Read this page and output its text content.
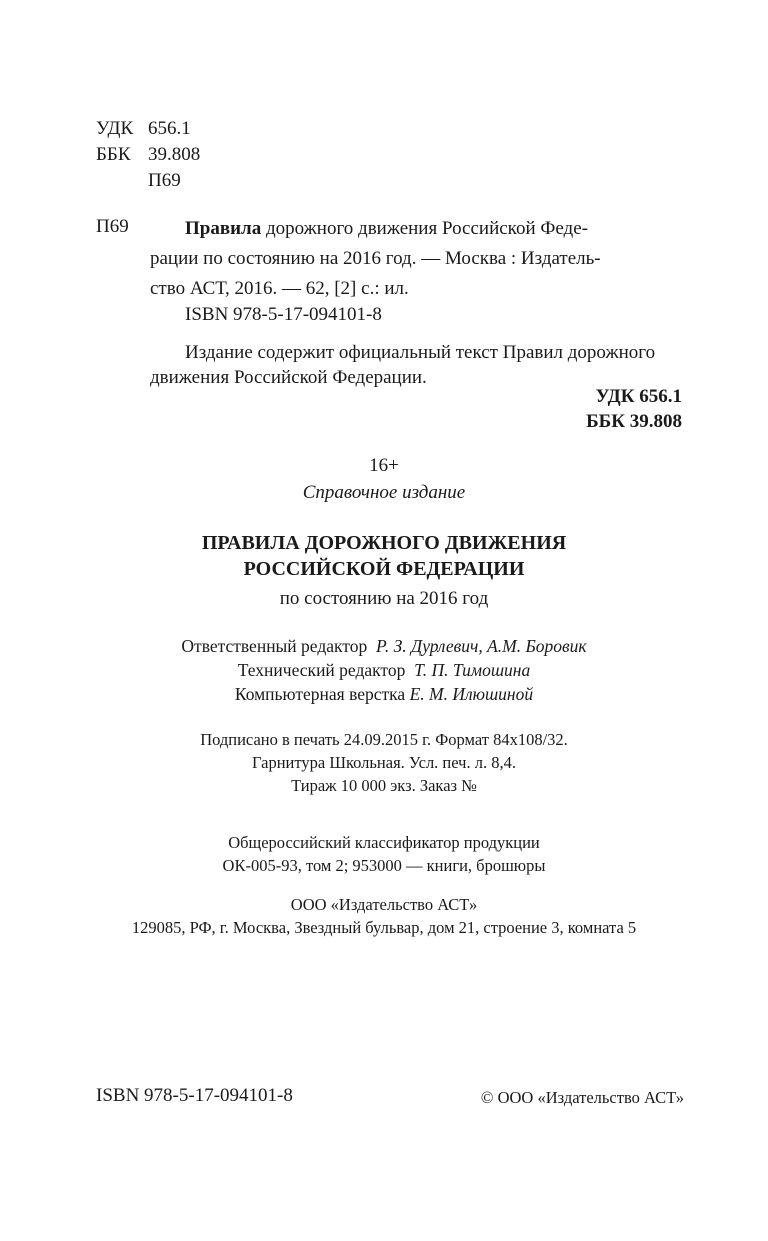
УДК 656.1
ББК 39.808
П69
П69	Правила дорожного движения Российской Феде-
рации по состоянию на 2016 год. — Москва : Издатель-
ство АСТ, 2016. — 62, [2] с.: ил.
ISBN 978-5-17-094101-8
Издание содержит официальный текст Правил дорожного
движения Российской Федерации.
УДК 656.1
ББК 39.808
16+
Справочное издание
ПРАВИЛА ДОРОЖНОГО ДВИЖЕНИЯ
РОССИЙСКОЙ ФЕДЕРАЦИИ
по состоянию на 2016 год
Ответственный редактор Р. З. Дурлевич, А.М. Боровик
Технический редактор Т. П. Тимошина
Компьютерная верстка Е. М. Илюшиной
Подписано в печать 24.09.2015 г. Формат 84х108/32.
Гарнитура Школьная. Усл. печ. л. 8,4.
Тираж 10 000 экз. Заказ №
Общероссийский классификатор продукции
ОК-005-93, том 2; 953000 — книги, брошюры
ООО «Издательство АСТ»
129085, РФ, г. Москва, Звездный бульвар, дом 21, строение 3, комната 5
ISBN 978-5-17-094101-8	© ООО «Издательство АСТ»
